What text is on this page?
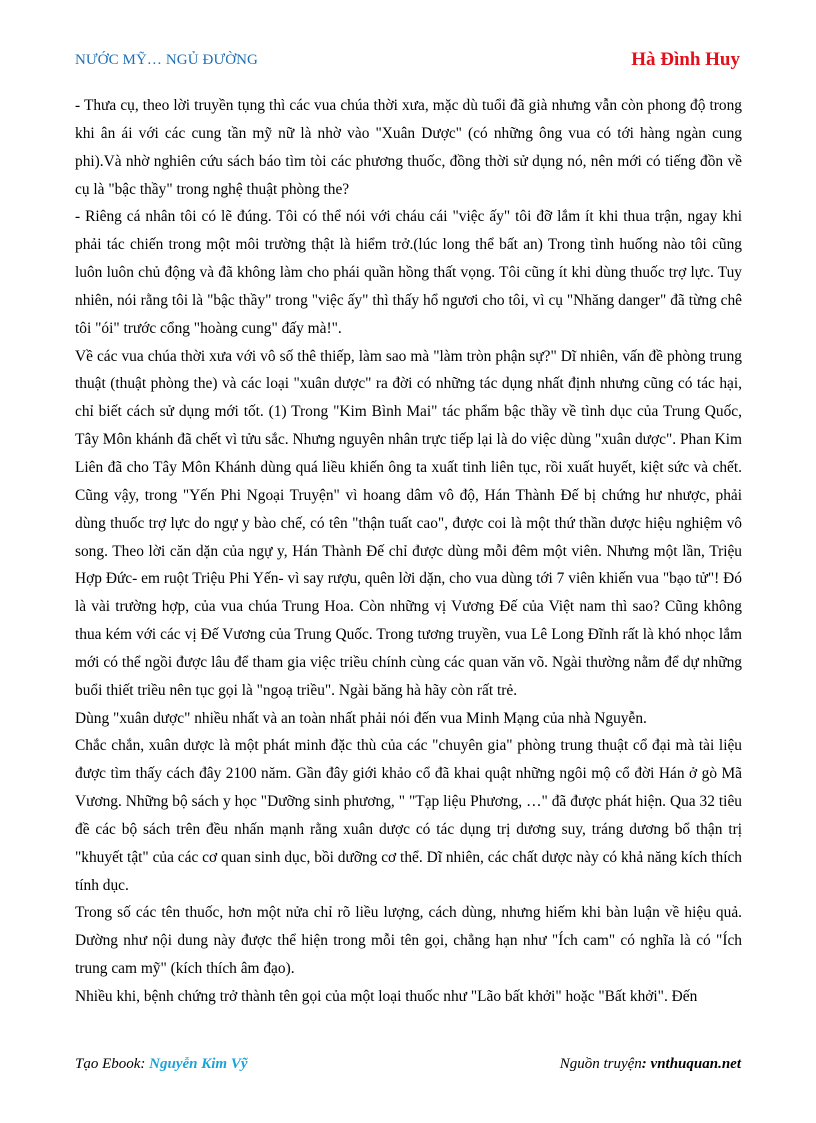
NƯỚC MỸ… NGỦ ĐƯỜNG	Hà Đình Huy

- Thưa cụ, theo lời truyền tụng thì các vua chúa thời xưa, mặc dù tuổi đã già nhưng vẫn còn phong độ trong khi ân ái với các cung tần mỹ nữ là nhờ vào "Xuân Dược" (có những ông vua có tới hàng ngàn cung phi).Và nhờ nghiên cứu sách báo tìm tòi các phương thuốc, đồng thời sử dụng nó, nên mới có tiếng đồn về cụ là "bậc thầy" trong nghệ thuật phòng the?

- Riêng cá nhân tôi có lẽ đúng. Tôi có thể nói với cháu cái "việc ấy" tôi đỡ lắm ít khi thua trận, ngay khi phải tác chiến trong một môi trường thật là hiểm trở.(lúc long thể bất an) Trong tình huống nào tôi cũng luôn luôn chủ động và đã không làm cho phái quần hồng thất vọng. Tôi cũng ít khi dùng thuốc trợ lực. Tuy nhiên, nói rằng tôi là "bậc thầy" trong "việc ấy" thì thấy hổ ngươi cho tôi, vì cụ "Nhăng danger" đã từng chê tôi "ói" trước cổng "hoàng cung" đấy mà!".

Về các vua chúa thời xưa với vô số thê thiếp, làm sao mà "làm tròn phận sự?" Dĩ nhiên, vấn đề phòng trung thuật (thuật phòng the) và các loại "xuân dược" ra đời có những tác dụng nhất định nhưng cũng có tác hại, chỉ biết cách sử dụng mới tốt. (1) Trong "Kim Bình Mai" tác phẩm bậc thầy về tình dục của Trung Quốc, Tây Môn khánh đã chết vì tửu sắc. Nhưng nguyên nhân trực tiếp lại là do việc dùng "xuân dược". Phan Kim Liên đã cho Tây Môn Khánh dùng quá liều khiến ông ta xuất tinh liên tục, rồi xuất huyết, kiệt sức và chết. Cũng vậy, trong "Yến Phi Ngoại Truyện" vì hoang dâm vô độ, Hán Thành Đế bị chứng hư nhược, phải dùng thuốc trợ lực do ngự y bào chế, có tên "thận tuất cao", được coi là một thứ thần dược hiệu nghiệm vô song. Theo lời căn dặn của ngự y, Hán Thành Đế chỉ được dùng mỗi đêm một viên. Nhưng một lần, Triệu Hợp Đức- em ruột Triệu Phi Yến- vì say rượu, quên lời dặn, cho vua dùng tới 7 viên khiến vua "bạo tử"! Đó là vài trường hợp, của vua chúa Trung Hoa. Còn những vị Vương Đế của Việt nam thì sao? Cũng không thua kém với các vị Đế Vương của Trung Quốc. Trong tương truyền, vua Lê Long Đĩnh rất là khó nhọc lắm mới có thể ngồi được lâu để tham gia việc triều chính cùng các quan văn võ. Ngài thường nằm để dự những buổi thiết triều nên tục gọi là "ngoạ triều". Ngài băng hà hãy còn rất trẻ.

Dùng "xuân dược" nhiều nhất và an toàn nhất phải nói đến vua Minh Mạng của nhà Nguyễn.

Chắc chắn, xuân dược là một phát minh đặc thù của các "chuyên gia" phòng trung thuật cổ đại mà tài liệu được tìm thấy cách đây 2100 năm. Gần đây giới khảo cổ đã khai quật những ngôi mộ cổ đời Hán ở gò Mã Vương. Những bộ sách y học "Dưỡng sinh phương, " "Tạp liệu Phương, …" đã được phát hiện. Qua 32 tiêu đề các bộ sách trên đều nhấn mạnh rằng xuân dược có tác dụng trị dương suy, tráng dương bổ thận trị "khuyết tật" của các cơ quan sinh dục, bồi dưỡng cơ thể. Dĩ nhiên, các chất dược này có khả năng kích thích tính dục.

Trong số các tên thuốc, hơn một nửa chỉ rõ liều lượng, cách dùng, nhưng hiếm khi bàn luận về hiệu quả. Dường như nội dung này được thể hiện trong mỗi tên gọi, chẳng hạn như "Ích cam" có nghĩa là có "Ích trung cam mỹ" (kích thích âm đạo).

Nhiều khi, bệnh chứng trở thành tên gọi của một loại thuốc như "Lão bất khởi" hoặc "Bất khởi". Đến

Tạo Ebook: Nguyễn Kim Vỹ	Nguồn truyện: vnthuquan.net
